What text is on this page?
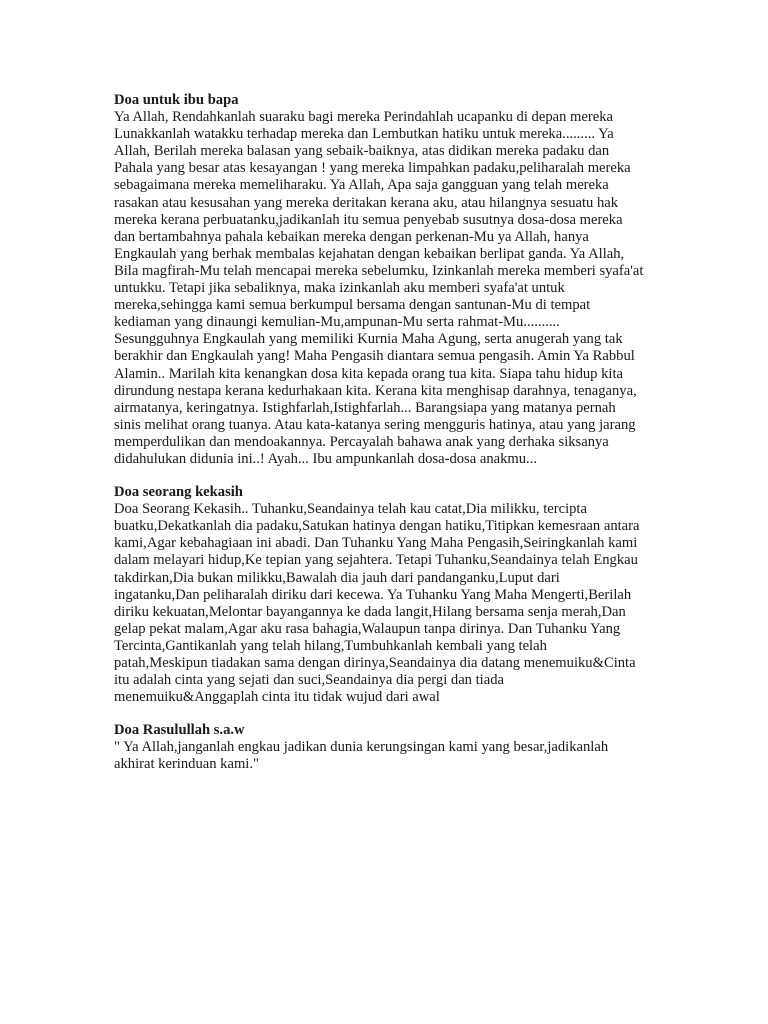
Doa untuk ibu bapa
Ya Allah, Rendahkanlah suaraku bagi mereka Perindahlah ucapanku di depan mereka Lunakkanlah watakku terhadap mereka dan Lembutkan hatiku untuk mereka......... Ya Allah, Berilah mereka balasan yang sebaik-baiknya, atas didikan mereka padaku dan Pahala yang besar atas kesayangan ! yang mereka limpahkan padaku,peliharalah mereka sebagaimana mereka memeliharaku. Ya Allah, Apa saja gangguan yang telah mereka rasakan atau kesusahan yang mereka deritakan kerana aku, atau hilangnya sesuatu hak mereka kerana perbuatanku,jadikanlah itu semua penyebab susutnya dosa-dosa mereka dan bertambahnya pahala kebaikan mereka dengan perkenan-Mu ya Allah, hanya Engkaulah yang berhak membalas kejahatan dengan kebaikan berlipat ganda. Ya Allah, Bila magfirah-Mu telah mencapai mereka sebelumku, Izinkanlah mereka memberi syafa'at untukku. Tetapi jika sebaliknya, maka izinkanlah aku memberi syafa'at untuk mereka,sehingga kami semua berkumpul bersama dengan santunan-Mu di tempat kediaman yang dinaungi kemulian-Mu,ampunan-Mu serta rahmat-Mu.......... Sesungguhnya Engkaulah yang memiliki Kurnia Maha Agung, serta anugerah yang tak berakhir dan Engkaulah yang! Maha Pengasih diantara semua pengasih. Amin Ya Rabbul Alamin.. Marilah kita kenangkan dosa kita kepada orang tua kita. Siapa tahu hidup kita dirundung nestapa kerana kedurhakaan kita. Kerana kita menghisap darahnya, tenaganya, airmatanya, keringatnya. Istighfarlah,Istighfarlah... Barangsiapa yang matanya pernah sinis melihat orang tuanya. Atau kata-katanya sering mengguris hatinya, atau yang jarang memperdulikan dan mendoakannya. Percayalah bahawa anak yang derhaka siksanya didahulukan didunia ini..! Ayah... Ibu ampunkanlah dosa-dosa anakmu...
Doa seorang kekasih
Doa Seorang Kekasih.. Tuhanku,Seandainya telah kau catat,Dia milikku, tercipta buatku,Dekatkanlah dia padaku,Satukan hatinya dengan hatiku,Titipkan kemesraan antara kami,Agar kebahagiaan ini abadi. Dan Tuhanku Yang Maha Pengasih,Seiringkanlah kami dalam melayari hidup,Ke tepian yang sejahtera. Tetapi Tuhanku,Seandainya telah Engkau takdirkan,Dia bukan milikku,Bawalah dia jauh dari pandanganku,Luput dari ingatanku,Dan peliharalah diriku dari kecewa. Ya Tuhanku Yang Maha Mengerti,Berilah diriku kekuatan,Melontar bayangannya ke dada langit,Hilang bersama senja merah,Dan gelap pekat malam,Agar aku rasa bahagia,Walaupun tanpa dirinya. Dan Tuhanku Yang Tercinta,Gantikanlah yang telah hilang,Tumbuhkanlah kembali yang telah patah,Meskipun tiadakan sama dengan dirinya,Seandainya dia datang menemuiku&Cinta itu adalah cinta yang sejati dan suci,Seandainya dia pergi dan tiada menemuiku&Anggaplah cinta itu tidak wujud dari awal
Doa Rasulullah s.a.w
" Ya Allah,janganlah engkau jadikan dunia kerungsingan kami yang besar,jadikanlah akhirat kerinduan kami."
